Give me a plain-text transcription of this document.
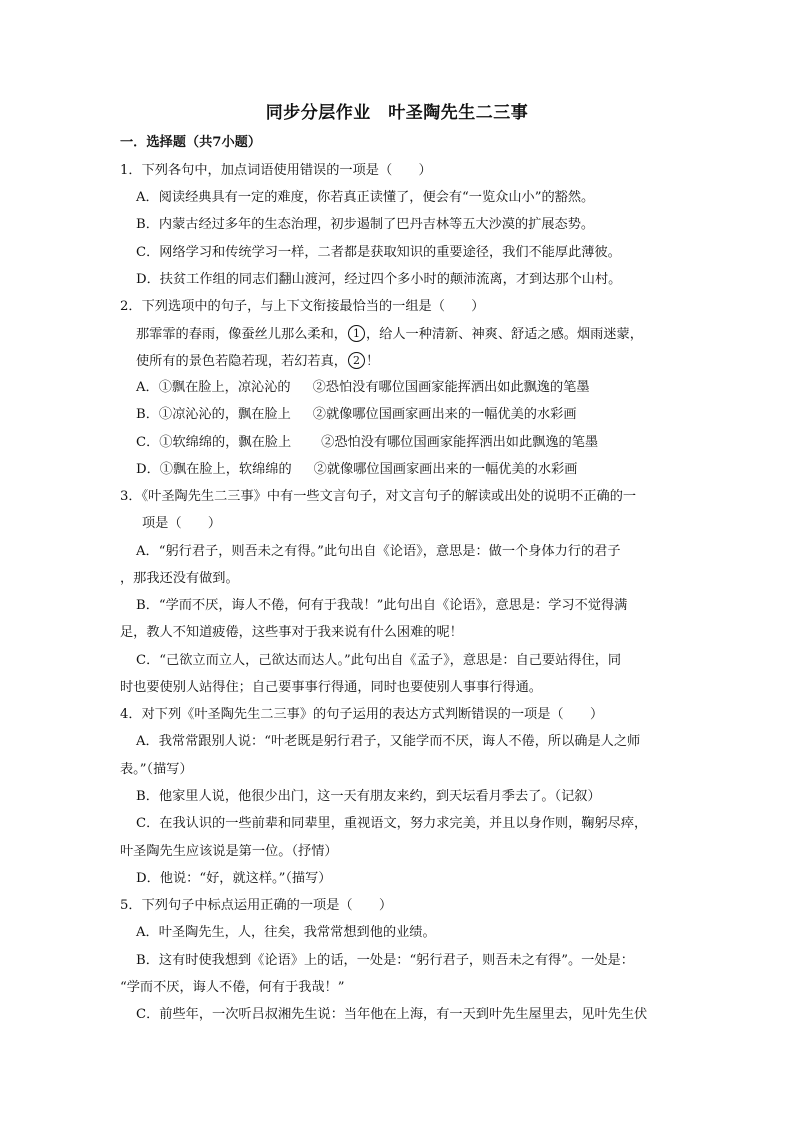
同步分层作业　叶圣陶先生二三事
一．选择题（共7小题）
1．下列各句中，加点词语使用错误的一项是（　　）
A．阅读经典具有一定的难度，你若真正读懂了，便会有“一览众山小”的豁然。
B．内蒙古经过多年的生态治理，初步遏制了巴丹吉林等五大沙漠的扩展态势。
C．网络学习和传统学习一样，二者都是获取知识的重要途径，我们不能厚此薄彼。
D．扶贫工作组的同志们翻山渡河，经过四个多小时的颠沛流离，才到达那个山村。
2．下列选项中的句子，与上下文衔接最恰当的一组是（　　）
那霏霏的春雨，像蚕丝儿那么柔和， 1 ，给人一种清新、神爽、舒适之感。烟雨迷蒙，
使所有的景色若隐若现，若幻若真， 2 ！
A．①飘在脸上，凉沁沁的 ②恐怕没有哪位国画家能挥洒出如此飘逸的笔墨
B．①凉沁沁的，飘在脸上 ②就像哪位国画家画出来的一幅优美的水彩画
C．①软绵绵的，飘在脸上 ②恐怕没有哪位国画家能挥洒出如此飘逸的笔墨
D．①飘在脸上，软绵绵的 ②就像哪位国画家画出来的一幅优美的水彩画
3．《叶圣陶先生二三事》中有一些文言句子，对文言句子的解读或出处的说明不正确的一
项是（　　）
A．“躬行君子，则吾未之有得。”此句出自《论语》，意思是：做一个身体力行的君子
，那我还没有做到。
B．“学而不厌，诲人不倦，何有于我哉！”此句出自《论语》，意思是：学习不觉得满
足，教人不知道疲倦，这些事对于我来说有什么困难的呢！
C．“己欲立而立人，己欲达而达人。”此句出自《孟子》，意思是：自己要站得住，同
时也要使别人站得住；自己要事事行得通，同时也要使别人事事行得通。
4．对下列《叶圣陶先生二三事》的句子运用的表达方式判断错误的一项是（　　）
A．我常常跟别人说：“叶老既是躬行君子，又能学而不厌，诲人不倦，所以确是人之师
表。”（描写）
B．他家里人说，他很少出门，这一天有朋友来约，到天坛看月季去了。（记叙）
C．在我认识的一些前辈和同辈里，重视语文，努力求完美，并且以身作则，鞠躬尽瘁，
叶圣陶先生应该说是第一位。（抒情）
D．他说：“好，就这样。”（描写）
5．下列句子中标点运用正确的一项是（　　）
A．叶圣陶先生，人，往矣，我常常想到他的业绩。
B．这有时使我想到《论语》上的话，一处是：“躬行君子，则吾未之有得”。一处是：
“学而不厌，诲人不倦，何有于我哉！”
C．前些年，一次听吕叔湘先生说：当年他在上海，有一天到叶先生屋里去，见叶先生伏
